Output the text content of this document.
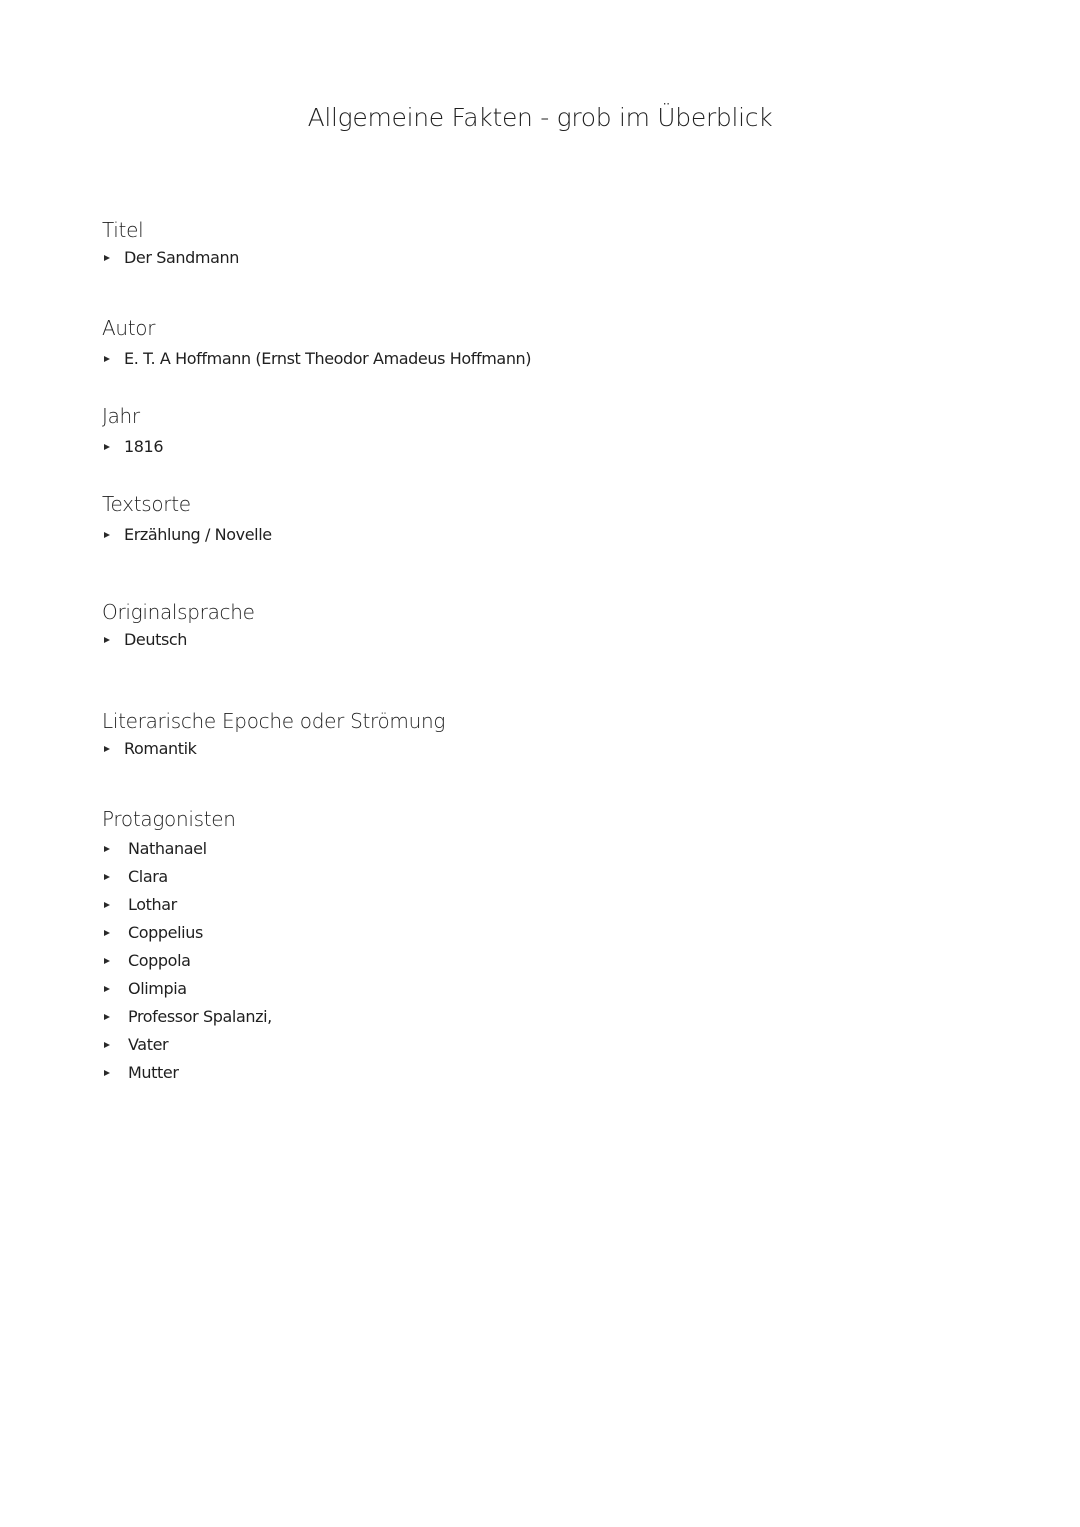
Allgemeine Fakten - grob im Überblick
Titel
Der Sandmann
Autor
E. T. A Hoffmann (Ernst Theodor Amadeus Hoffmann)
Jahr
1816
Textsorte
Erzählung / Novelle
Originalsprache
Deutsch
Literarische Epoche oder Strömung
Romantik
Protagonisten
Nathanael
Clara
Lothar
Coppelius
Coppola
Olimpia
Professor Spalanzi,
Vater
Mutter
